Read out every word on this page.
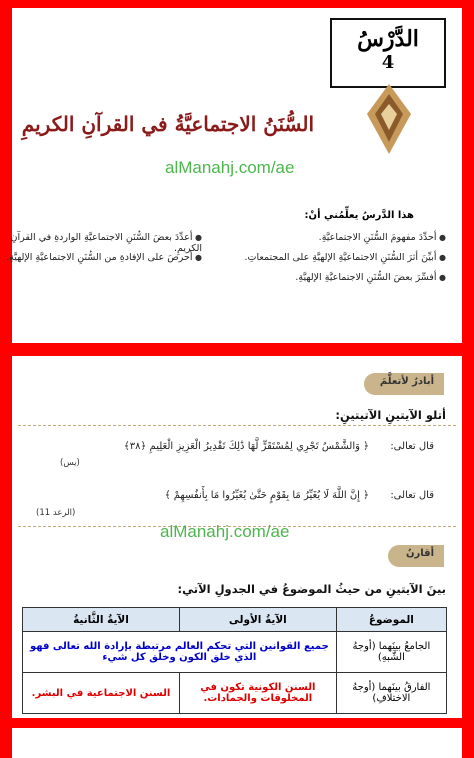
الدَّرْسُ
4
السُّنَنُ الاجتماعيَّةُ في القرآنِ الكريمِ
alManahj.com/ae
هذا الدَّرسُ يعلِّمُني أنْ:
● أحدِّدَ مفهومَ السُّنَنِ الاجتماعيَّةِ.
● أبيِّنَ أثرَ السُّنَنِ الاجتماعيَّةِ الإلهيَّةِ على المجتمعاتِ.
● أفسِّرَ بعضَ السُّنَنِ الاجتماعيَّةِ الإلهيَّةِ.
● أعدِّدَ بعضَ السُّنَنِ الاجتماعيَّةِ الواردةِ في القرآنِ الكريمِ.
● أحرصَ على الإفادةِ من السُّنَنِ الاجتماعيَّةِ الإلهيَّةِ.
أبادرُ لأتعلَّمَ
أتلو الآيتينِ الآتيتينِ:
قال تعالى:
﴿ وَالشَّمْسُ تَجْرِي لِمُسْتَقَرٍّ لَّهَا ذَٰلِكَ تَقْدِيرُ الْعَزِيزِ الْعَلِيمِ ﴿٣٨﴾
(يس)
قال تعالى:
﴿ إِنَّ اللَّهَ لَا يُغَيِّرُ مَا بِقَوْمٍ حَتَّىٰ يُغَيِّرُوا مَا بِأَنفُسِهِمْ ﴾
(الرعد 11)
alManahj.com/ae
أقارنُ
بينَ الآيتينِ من حيثُ الموضوعُ في الجدولِ الآتي:
الموضوعُ	الآيةُ الأولى	الآيةُ الثَّانيةُ
الجامعُ بينَهما (أوجهُ الشَّبهِ)	جميع القوانين التي تحكم العالم مرتبطة بإرادة الله تعالى فهو الذي خلق الكون وخلق كل شيء	
الفارقُ بينَهما (أوجهُ الاختلافِ)	السنن الكونية تكون في المخلوقات والجمادات.	السنن الاجتماعية في البشر.
